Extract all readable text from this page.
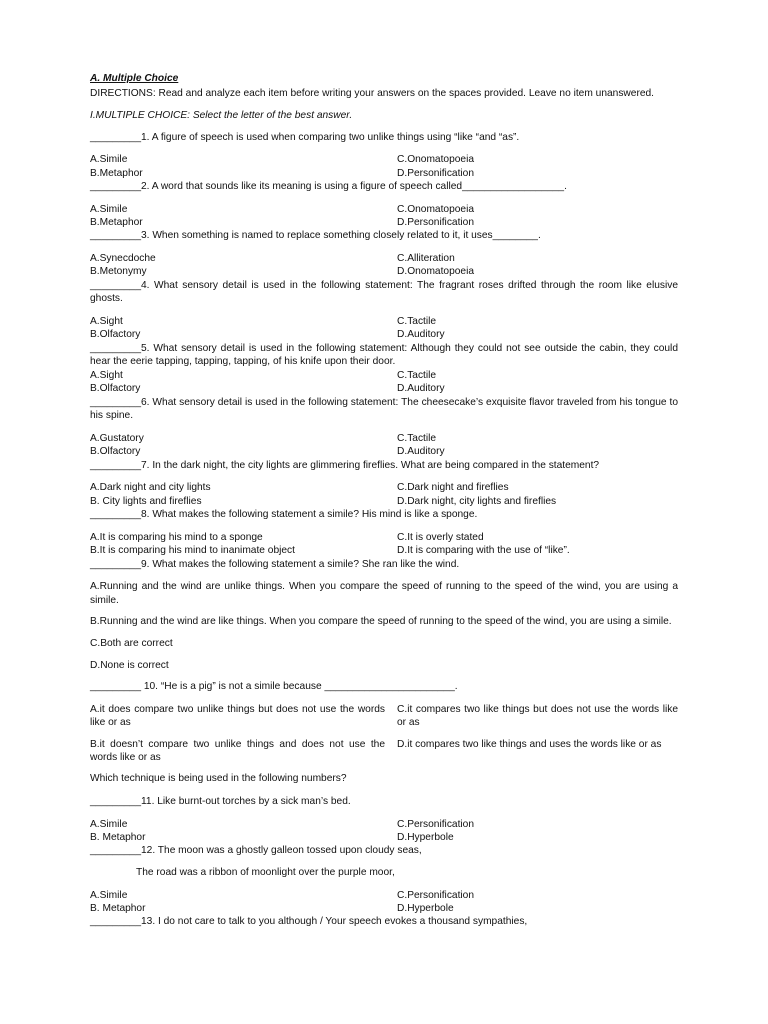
A. Multiple Choice
DIRECTIONS: Read and analyze each item before writing your answers on the spaces provided. Leave no item unanswered.
I.MULTIPLE CHOICE: Select the letter of the best answer.
_________1. A figure of speech is used when comparing two unlike things using “like “and “as”.
A.Simile	C.Onomatopoeia
B.Metaphor	D.Personification
_________2. A word that sounds like its meaning is using a figure of speech called__________________.
A.Simile	C.Onomatopoeia
B.Metaphor	D.Personification
_________3. When something is named to replace something closely related to it, it uses________.
A.Synecdoche	C.Alliteration
B.Metonymy	D.Onomatopoeia
_________4. What sensory detail is used in the following statement: The fragrant roses drifted through the room like elusive ghosts.
A.Sight	C.Tactile
B.Olfactory	D.Auditory
_________5. What sensory detail is used in the following statement: Although they could not see outside the cabin, they could hear the eerie tapping, tapping, tapping, of his knife upon their door.
A.Sight	C.Tactile
B.Olfactory	D.Auditory
_________6. What sensory detail is used in the following statement: The cheesecake’s exquisite flavor traveled from his tongue to his spine.
A.Gustatory	C.Tactile
B.Olfactory	D.Auditory
_________7. In the dark night, the city lights are glimmering fireflies. What are being compared in the statement?
A.Dark night and city lights	C.Dark night and fireflies
B. City lights and fireflies	D.Dark night, city lights and fireflies
_________8. What makes the following statement a simile? His mind is like a sponge.
A.It is comparing his mind to a sponge	C.It is overly stated
B.It is comparing his mind to inanimate object	D.It is comparing with the use of “like”.
_________9. What makes the following statement a simile? She ran like the wind.
A.Running and the wind are unlike things. When you compare the speed of running to the speed of the wind, you are using a simile.
B.Running and the wind are like things. When you compare the speed of running to the speed of the wind, you are using a simile.
C.Both are correct
D.None is correct
_________ 10. “He is a pig” is not a simile because _______________________.
A.it does compare two unlike things but does not use the words like or as
C.it compares two like things but does not use the words like or as
B.it doesn’t compare two unlike things and does not use the words like or as
D.it compares two like things and uses the words like or as
Which technique is being used in the following numbers?
_________11. Like burnt-out torches by a sick man’s bed.
A.Simile	C.Personification
B. Metaphor	D.Hyperbole
_________12. The moon was a ghostly galleon tossed upon cloudy seas,
The road was a ribbon of moonlight over the purple moor,
A.Simile	C.Personification
B. Metaphor	D.Hyperbole
_________13. I do not care to talk to you although / Your speech evokes a thousand sympathies,
